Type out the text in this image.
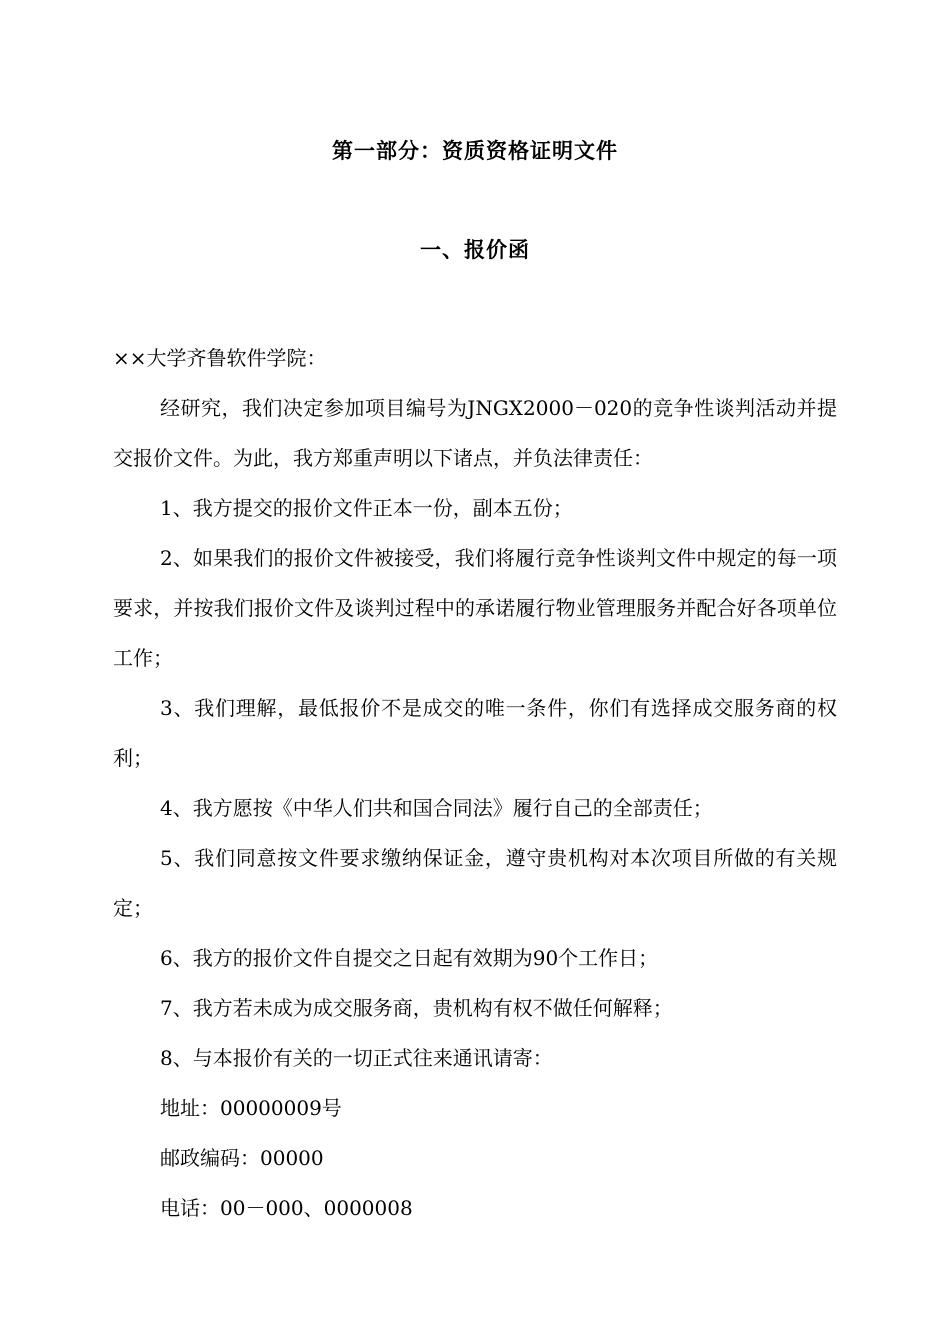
第一部分：资质资格证明文件
一、报价函

××大学齐鲁软件学院：

经研究，我们决定参加项目编号为JNGX2000－020的竞争性谈判活动并提交报价文件。为此，我方郑重声明以下诸点，并负法律责任：

1、我方提交的报价文件正本一份，副本五份；

2、如果我们的报价文件被接受，我们将履行竞争性谈判文件中规定的每一项要求，并按我们报价文件及谈判过程中的承诺履行物业管理服务并配合好各项单位工作；

3、我们理解，最低报价不是成交的唯一条件，你们有选择成交服务商的权利；

4、我方愿按《中华人们共和国合同法》履行自己的全部责任；

5、我们同意按文件要求缴纳保证金，遵守贵机构对本次项目所做的有关规定；

6、我方的报价文件自提交之日起有效期为90个工作日；

7、我方若未成为成交服务商，贵机构有权不做任何解释；

8、与本报价有关的一切正式往来通讯请寄：

地址：00000009号

邮政编码：00000

电话：00－000、0000008
